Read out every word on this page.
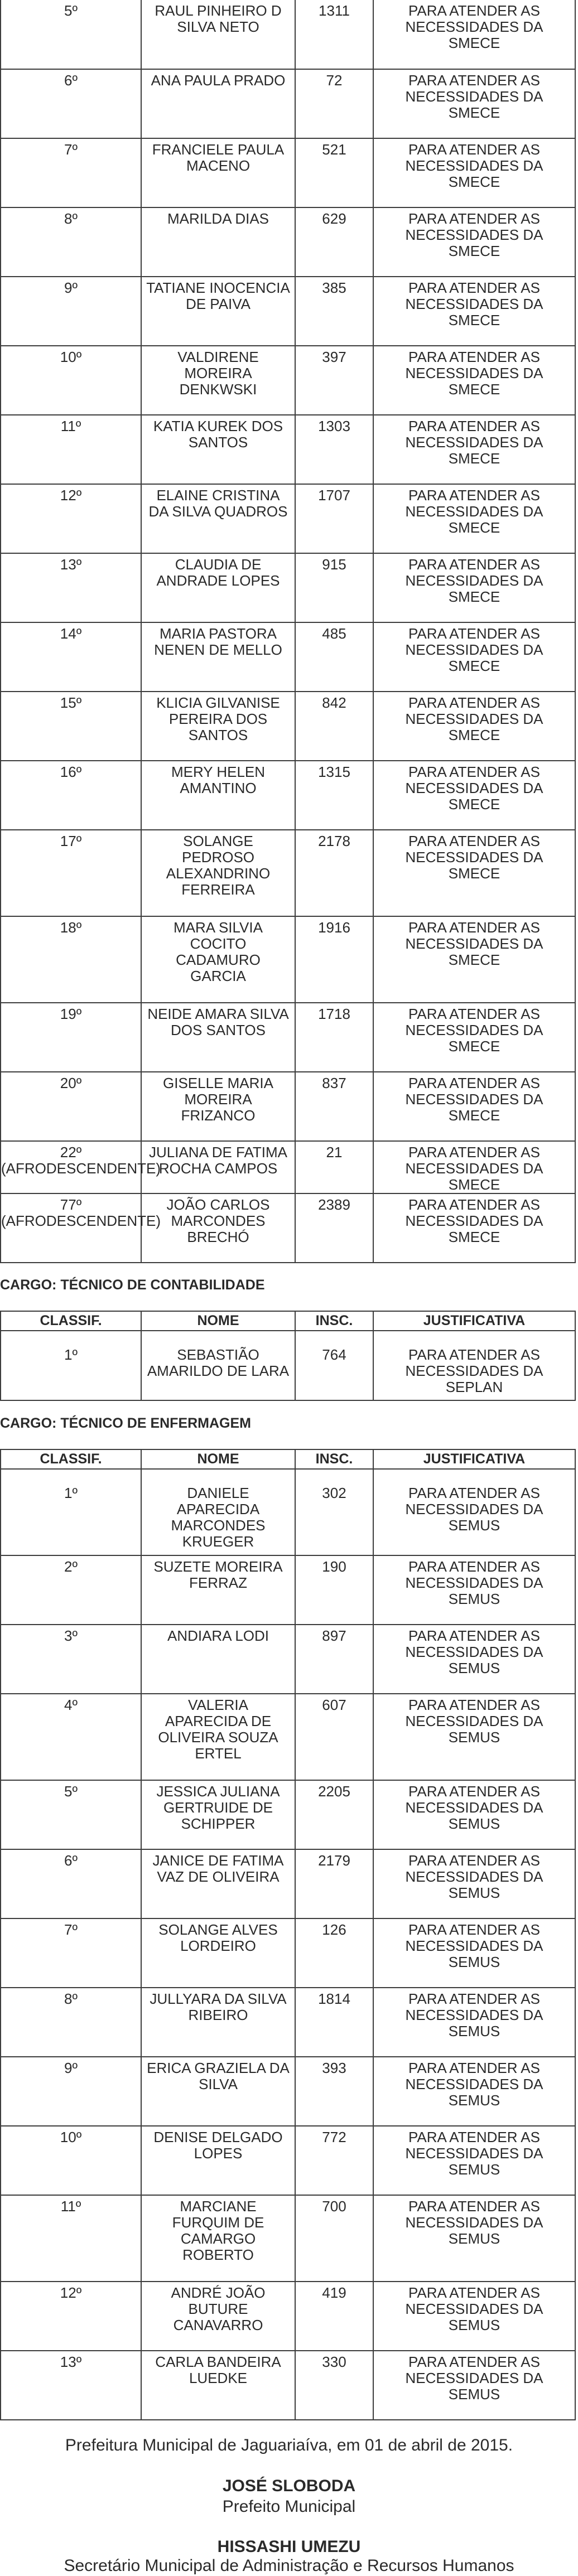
5º	RAUL PINHEIRO D SILVA NETO	1311	PARA ATENDER AS NECESSIDADES DA SMECE
6º	ANA PAULA PRADO	72	PARA ATENDER AS NECESSIDADES DA SMECE
7º	FRANCIELE PAULA MACENO	521	PARA ATENDER AS NECESSIDADES DA SMECE
8º	MARILDA DIAS	629	PARA ATENDER AS NECESSIDADES DA SMECE
9º	TATIANE INOCENCIA DE PAIVA	385	PARA ATENDER AS NECESSIDADES DA SMECE
10º	VALDIRENE MOREIRA DENKWSKI	397	PARA ATENDER AS NECESSIDADES DA SMECE
11º	KATIA KUREK DOS SANTOS	1303	PARA ATENDER AS NECESSIDADES DA SMECE
12º	ELAINE CRISTINA DA SILVA QUADROS	1707	PARA ATENDER AS NECESSIDADES DA SMECE
13º	CLAUDIA DE ANDRADE LOPES	915	PARA ATENDER AS NECESSIDADES DA SMECE
14º	MARIA PASTORA NENEN DE MELLO	485	PARA ATENDER AS NECESSIDADES DA SMECE
15º	KLICIA GILVANISE PEREIRA DOS SANTOS	842	PARA ATENDER AS NECESSIDADES DA SMECE
16º	MERY HELEN AMANTINO	1315	PARA ATENDER AS NECESSIDADES DA SMECE
17º	SOLANGE PEDROSO ALEXANDRINO FERREIRA	2178	PARA ATENDER AS NECESSIDADES DA SMECE
18º	MARA SILVIA COCITO CADAMURO GARCIA	1916	PARA ATENDER AS NECESSIDADES DA SMECE
19º	NEIDE AMARA SILVA DOS SANTOS	1718	PARA ATENDER AS NECESSIDADES DA SMECE
20º	GISELLE MARIA MOREIRA FRIZANCO	837	PARA ATENDER AS NECESSIDADES DA SMECE
22º (AFRODESCENDENTE)	JULIANA DE FATIMA ROCHA CAMPOS	21	PARA ATENDER AS NECESSIDADES DA SMECE
77º (AFRODESCENDENTE)	JOÃO CARLOS MARCONDES BRECHÓ	2389	PARA ATENDER AS NECESSIDADES DA SMECE
CARGO: TÉCNICO DE CONTABILIDADE
CLASSIF.	NOME	INSC.	JUSTIFICATIVA
1º	SEBASTIÃO AMARILDO DE LARA	764	PARA ATENDER AS NECESSIDADES DA SEPLAN
CARGO: TÉCNICO DE ENFERMAGEM
CLASSIF.	NOME	INSC.	JUSTIFICATIVA
1º	DANIELE APARECIDA MARCONDES KRUEGER	302	PARA ATENDER AS NECESSIDADES DA SEMUS
2º	SUZETE MOREIRA FERRAZ	190	PARA ATENDER AS NECESSIDADES DA SEMUS
3º	ANDIARA LODI	897	PARA ATENDER AS NECESSIDADES DA SEMUS
4º	VALERIA APARECIDA DE OLIVEIRA SOUZA ERTEL	607	PARA ATENDER AS NECESSIDADES DA SEMUS
5º	JESSICA JULIANA GERTRUIDE DE SCHIPPER	2205	PARA ATENDER AS NECESSIDADES DA SEMUS
6º	JANICE DE FATIMA VAZ DE OLIVEIRA	2179	PARA ATENDER AS NECESSIDADES DA SEMUS
7º	SOLANGE ALVES LORDEIRO	126	PARA ATENDER AS NECESSIDADES DA SEMUS
8º	JULLYARA DA SILVA RIBEIRO	1814	PARA ATENDER AS NECESSIDADES DA SEMUS
9º	ERICA GRAZIELA DA SILVA	393	PARA ATENDER AS NECESSIDADES DA SEMUS
10º	DENISE DELGADO LOPES	772	PARA ATENDER AS NECESSIDADES DA SEMUS
11º	MARCIANE FURQUIM DE CAMARGO ROBERTO	700	PARA ATENDER AS NECESSIDADES DA SEMUS
12º	ANDRÉ JOÃO BUTURE CANAVARRO	419	PARA ATENDER AS NECESSIDADES DA SEMUS
13º	CARLA BANDEIRA LUEDKE	330	PARA ATENDER AS NECESSIDADES DA SEMUS
Prefeitura Municipal de Jaguariaíva, em 01 de abril de 2015.
JOSÉ SLOBODA
Prefeito Municipal
HISSASHI UMEZU
Secretário Municipal de Administração e Recursos Humanos
